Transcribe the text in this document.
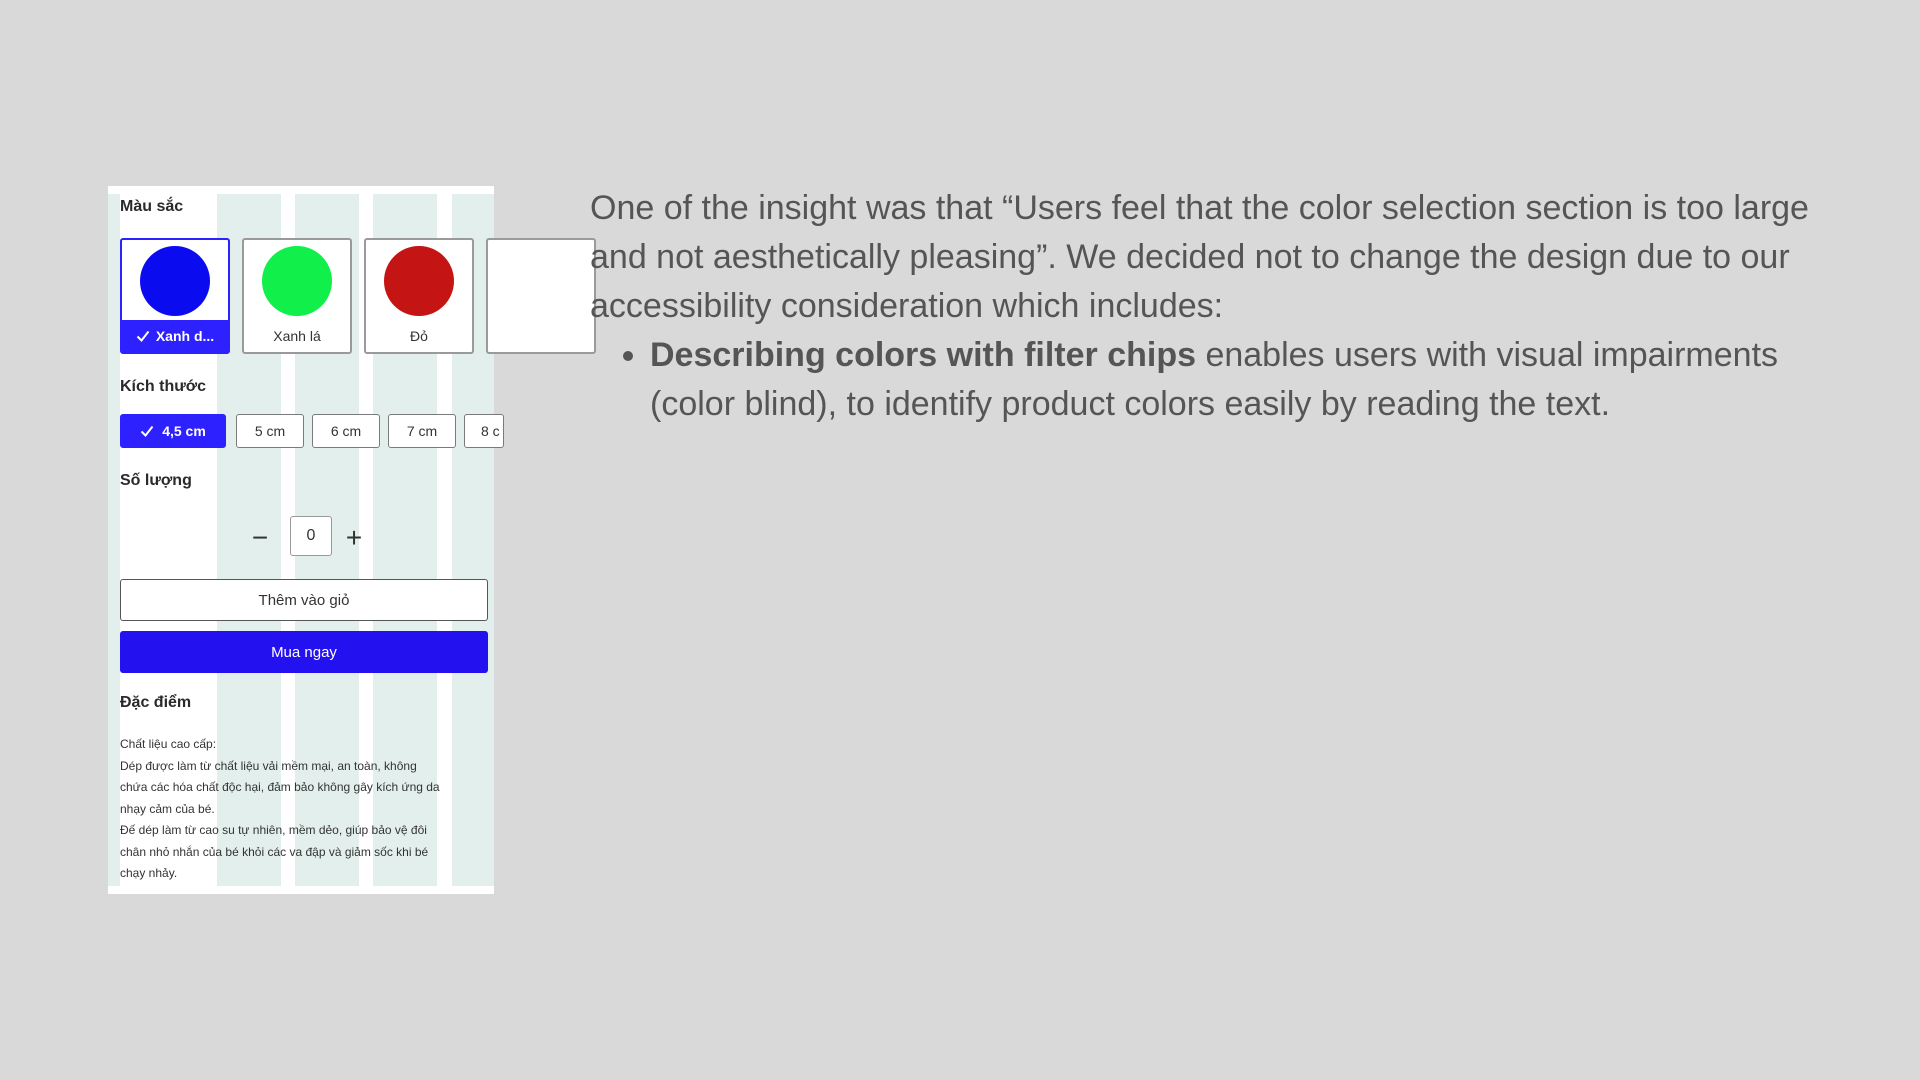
Màu sắc
Xanh d...	Xanh lá	Đỏ
Kích thước
4,5 cm	5 cm	6 cm	7 cm	8 c
Số lượng
−
0	+
Thêm vào giỏ
Mua ngay
Đặc điểm
Chất liệu cao cấp:
Dép được làm từ chất liệu vải mềm mại, an toàn, không
chứa các hóa chất độc hại, đảm bảo không gây kích ứng da
nhạy cảm của bé.
Đế dép làm từ cao su tự nhiên, mềm dẻo, giúp bảo vệ đôi
chân nhỏ nhắn của bé khỏi các va đập và giảm sốc khi bé
chạy nhảy.

One of the insight was that “Users feel that the color selection section is too large and not aesthetically pleasing”. We decided not to change the design due to our accessibility consideration which includes:

• Describing colors with filter chips enables users with visual impairments (color blind), to identify product colors easily by reading the text.
